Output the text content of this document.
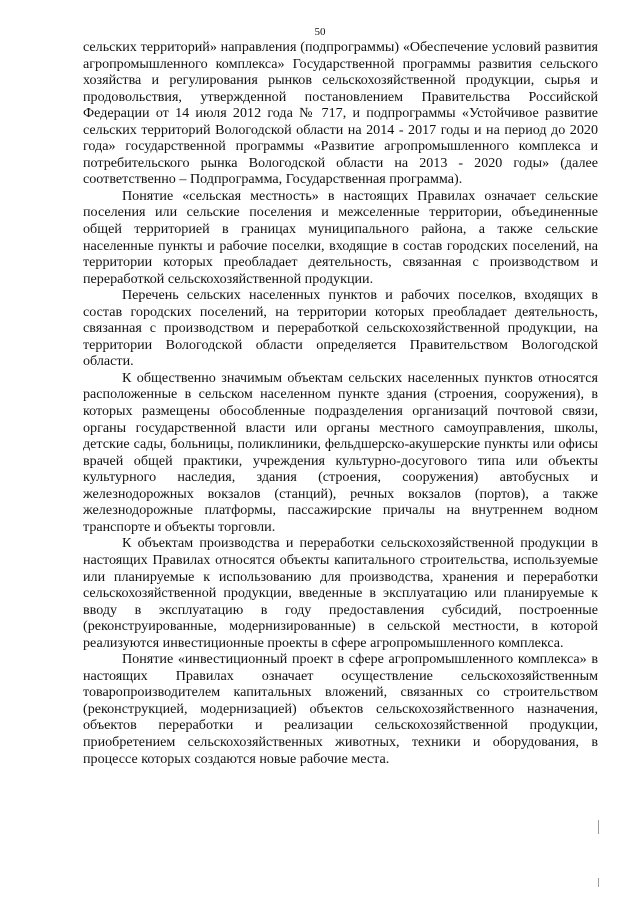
50

сельских территорий» направления (подпрограммы) «Обеспечение условий развития агропромышленного комплекса» Государственной программы развития сельского хозяйства и регулирования рынков сельскохозяйственной продукции, сырья и продовольствия, утвержденной постановлением Правительства Российской Федерации от 14 июля 2012 года № 717, и подпрограммы «Устойчивое развитие сельских территорий Вологодской области на 2014 - 2017 годы и на период до 2020 года» государственной программы «Развитие агропромышленного комплекса и потребительского рынка Вологодской области на 2013 - 2020 годы» (далее соответственно – Подпрограмма, Государственная программа).

Понятие «сельская местность» в настоящих Правилах означает сельские поселения или сельские поселения и межселенные территории, объединенные общей территорией в границах муниципального района, а также сельские населенные пункты и рабочие поселки, входящие в состав городских поселений, на территории которых преобладает деятельность, связанная с производством и переработкой сельскохозяйственной продукции.

Перечень сельских населенных пунктов и рабочих поселков, входящих в состав городских поселений, на территории которых преобладает деятельность, связанная с производством и переработкой сельскохозяйственной продукции, на территории Вологодской области определяется Правительством Вологодской области.

К общественно значимым объектам сельских населенных пунктов относятся расположенные в сельском населенном пункте здания (строения, сооружения), в которых размещены обособленные подразделения организаций почтовой связи, органы государственной власти или органы местного самоуправления, школы, детские сады, больницы, поликлиники, фельдшерско-акушерские пункты или офисы врачей общей практики, учреждения культурно-досугового типа или объекты культурного наследия, здания (строения, сооружения) автобусных и железнодорожных вокзалов (станций), речных вокзалов (портов), а также железнодорожные платформы, пассажирские причалы на внутреннем водном транспорте и объекты торговли.

К объектам производства и переработки сельскохозяйственной продукции в настоящих Правилах относятся объекты капитального строительства, используемые или планируемые к использованию для производства, хранения и переработки сельскохозяйственной продукции, введенные в эксплуатацию или планируемые к вводу в эксплуатацию в году предоставления субсидий, построенные (реконструированные, модернизированные) в сельской местности, в которой реализуются инвестиционные проекты в сфере агропромышленного комплекса.

Понятие «инвестиционный проект в сфере агропромышленного комплекса» в настоящих Правилах означает осуществление сельскохозяйственным товаропроизводителем капитальных вложений, связанных со строительством (реконструкцией, модернизацией) объектов сельскохозяйственного назначения, объектов переработки и реализации сельскохозяйственной продукции, приобретением сельскохозяйственных животных, техники и оборудования, в процессе которых создаются новые рабочие места.
